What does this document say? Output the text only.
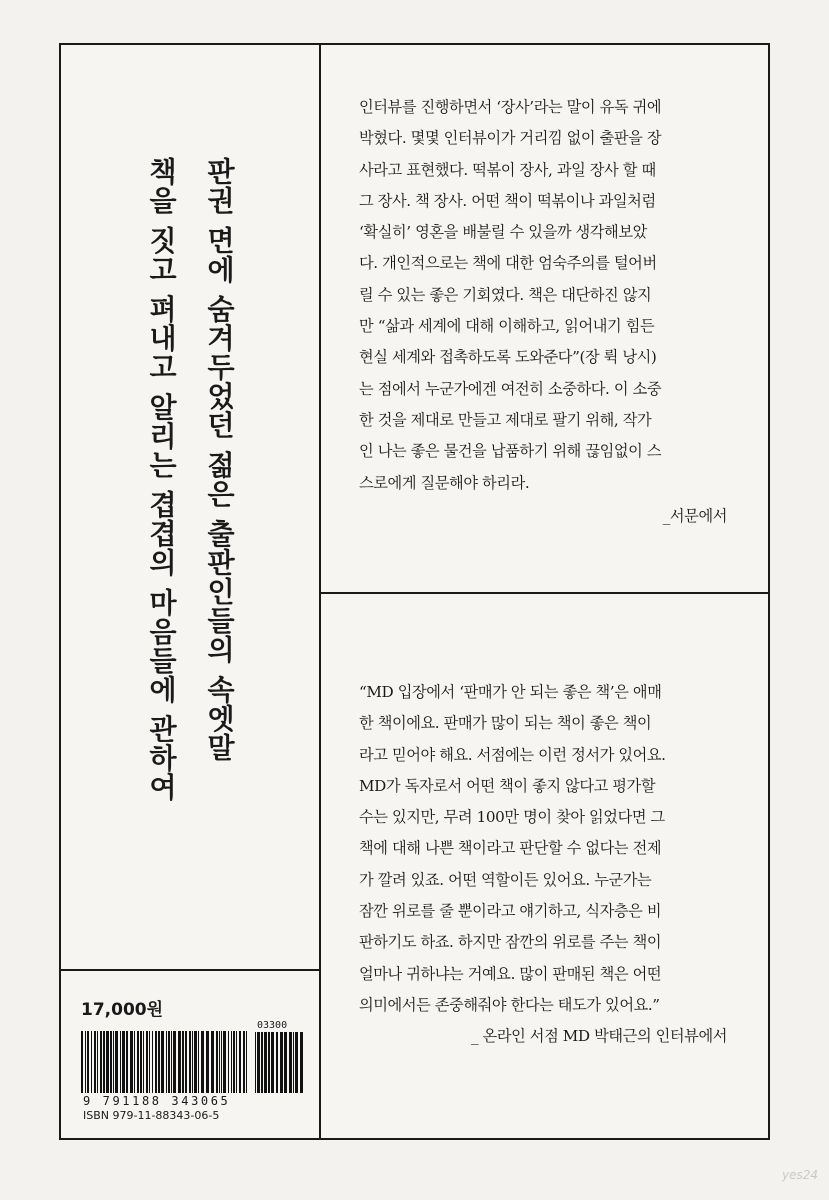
판권 면에 숨겨두었던 젊은 출판인들의 속엣말
책을 짓고 펴내고 알리는 겹겹의 마음들에 관하여
인터뷰를 진행하면서 ‘장사’라는 말이 유독 귀에
박혔다. 몇몇 인터뷰이가 거리낌 없이 출판을 장
사라고 표현했다. 떡볶이 장사, 과일 장사 할 때
그 장사. 책 장사. 어떤 책이 떡볶이나 과일처럼
‘확실히’ 영혼을 배불릴 수 있을까 생각해보았
다. 개인적으로는 책에 대한 엄숙주의를 털어버
릴 수 있는 좋은 기회였다. 책은 대단하진 않지
만 “삶과 세계에 대해 이해하고, 읽어내기 힘든
현실 세계와 접촉하도록 도와준다”(장 뤽 낭시)
는 점에서 누군가에겐 여전히 소중하다. 이 소중
한 것을 제대로 만들고 제대로 팔기 위해, 작가
인 나는 좋은 물건을 납품하기 위해 끊임없이 스
스로에게 질문해야 하리라.
_서문에서
“MD 입장에서 ‘판매가 안 되는 좋은 책’은 애매
한 책이에요. 판매가 많이 되는 책이 좋은 책이
라고 믿어야 해요. 서점에는 이런 정서가 있어요.
MD가 독자로서 어떤 책이 좋지 않다고 평가할
수는 있지만, 무려 100만 명이 찾아 읽었다면 그
책에 대해 나쁜 책이라고 판단할 수 없다는 전제
가 깔려 있죠. 어떤 역할이든 있어요. 누군가는
잠깐 위로를 줄 뿐이라고 얘기하고, 식자층은 비
판하기도 하죠. 하지만 잠깐의 위로를 주는 책이
얼마나 귀하냐는 거예요. 많이 판매된 책은 어떤
의미에서든 존중해줘야 한다는 태도가 있어요.”
_ 온라인 서점 MD 박태근의 인터뷰에서
17,000원
03300
9 791188 343065
ISBN 979-11-88343-06-5
yes24
